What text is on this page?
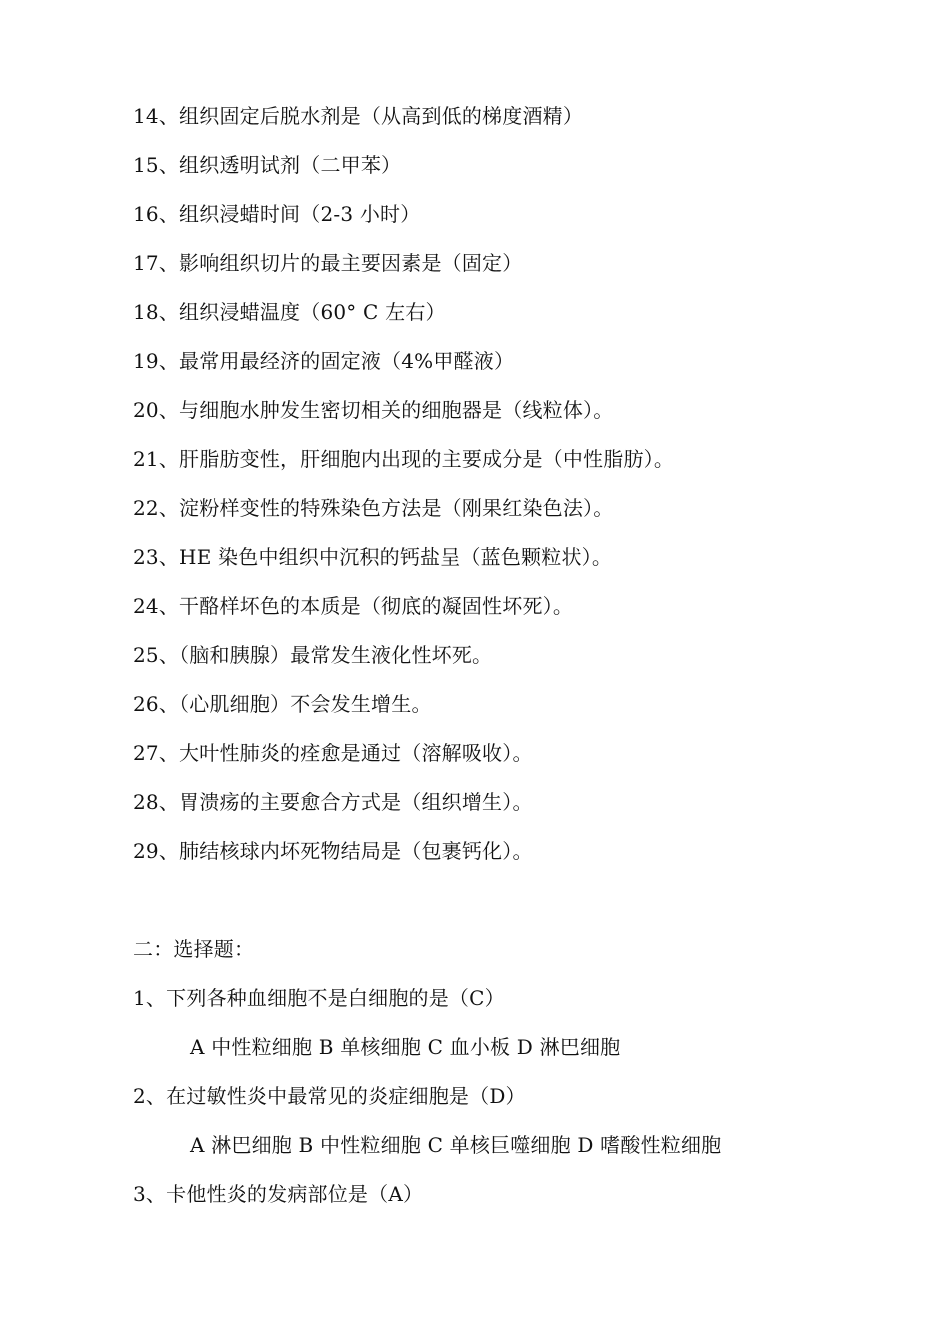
14、组织固定后脱水剂是（从高到低的梯度酒精）
15、组织透明试剂（二甲苯）
16、组织浸蜡时间（2-3 小时）
17、影响组织切片的最主要因素是（固定）
18、组织浸蜡温度（60° C 左右）
19、最常用最经济的固定液（4%甲醛液）
20、与细胞水肿发生密切相关的细胞器是（线粒体）。
21、肝脂肪变性，肝细胞内出现的主要成分是（中性脂肪）。
22、淀粉样变性的特殊染色方法是（刚果红染色法）。
23、HE 染色中组织中沉积的钙盐呈（蓝色颗粒状）。
24、干酪样坏色的本质是（彻底的凝固性坏死）。
25、（脑和胰腺）最常发生液化性坏死。
26、（心肌细胞）不会发生增生。
27、大叶性肺炎的痊愈是通过（溶解吸收）。
28、胃溃疡的主要愈合方式是（组织增生）。
29、肺结核球内坏死物结局是（包裹钙化）。
二：选择题：
1、下列各种血细胞不是白细胞的是（C）
A 中性粒细胞 B 单核细胞 C 血小板 D 淋巴细胞
2、在过敏性炎中最常见的炎症细胞是（D）
A 淋巴细胞 B 中性粒细胞 C 单核巨噬细胞 D 嗜酸性粒细胞
3、卡他性炎的发病部位是（A）
